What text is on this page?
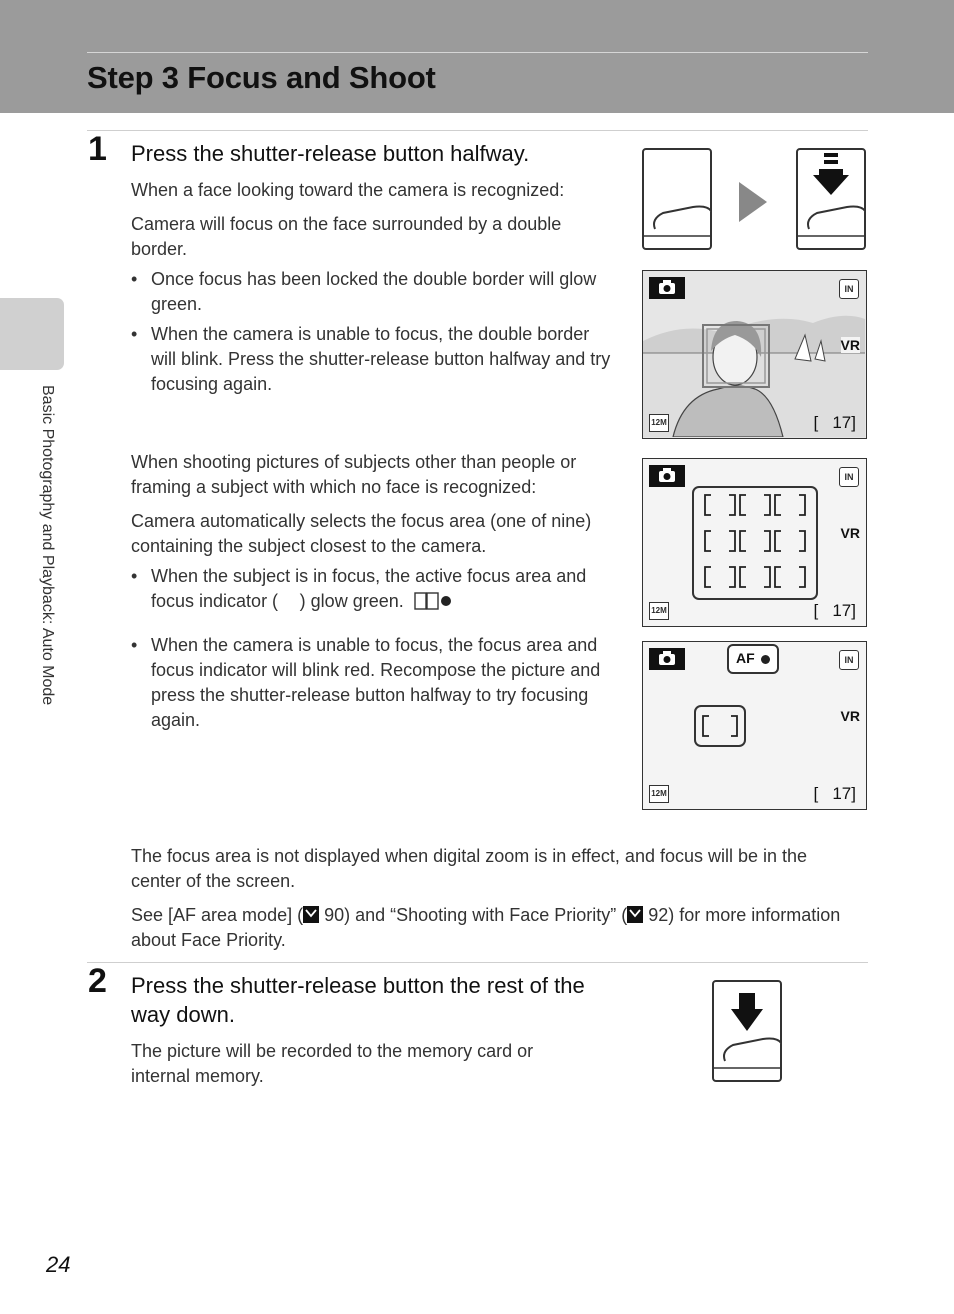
Step 3 Focus and Shoot
Basic Photography and Playback: Auto Mode
1 Press the shutter-release button halfway.

When a face looking toward the camera is recognized:

Camera will focus on the face surrounded by a double border.

• Once focus has been locked the double border will glow green.
• When the camera is unable to focus, the double border will blink. Press the shutter-release button halfway and try focusing again.

When shooting pictures of subjects other than people or framing a subject with which no face is recognized:

Camera automatically selects the focus area (one of nine) containing the subject closest to the camera.

• When the subject is in focus, the active focus area and focus indicator (      ) glow green.
• When the camera is unable to focus, the focus area and focus indicator will blink red. Recompose the picture and press the shutter-release button halfway to try focusing again.

The focus area is not displayed when digital zoom is in effect, and focus will be in the center of the screen.

See [AF area mode] ( 90) and “Shooting with Face Priority” ( 92) for more information about Face Priority.

IN
VR
12M	[   17]
IN
VR
12M	[   17]
AF	IN
VR
12M	[   17]
2 Press the shutter-release button the rest of the way down.

The picture will be recorded to the memory card or internal memory.

24
